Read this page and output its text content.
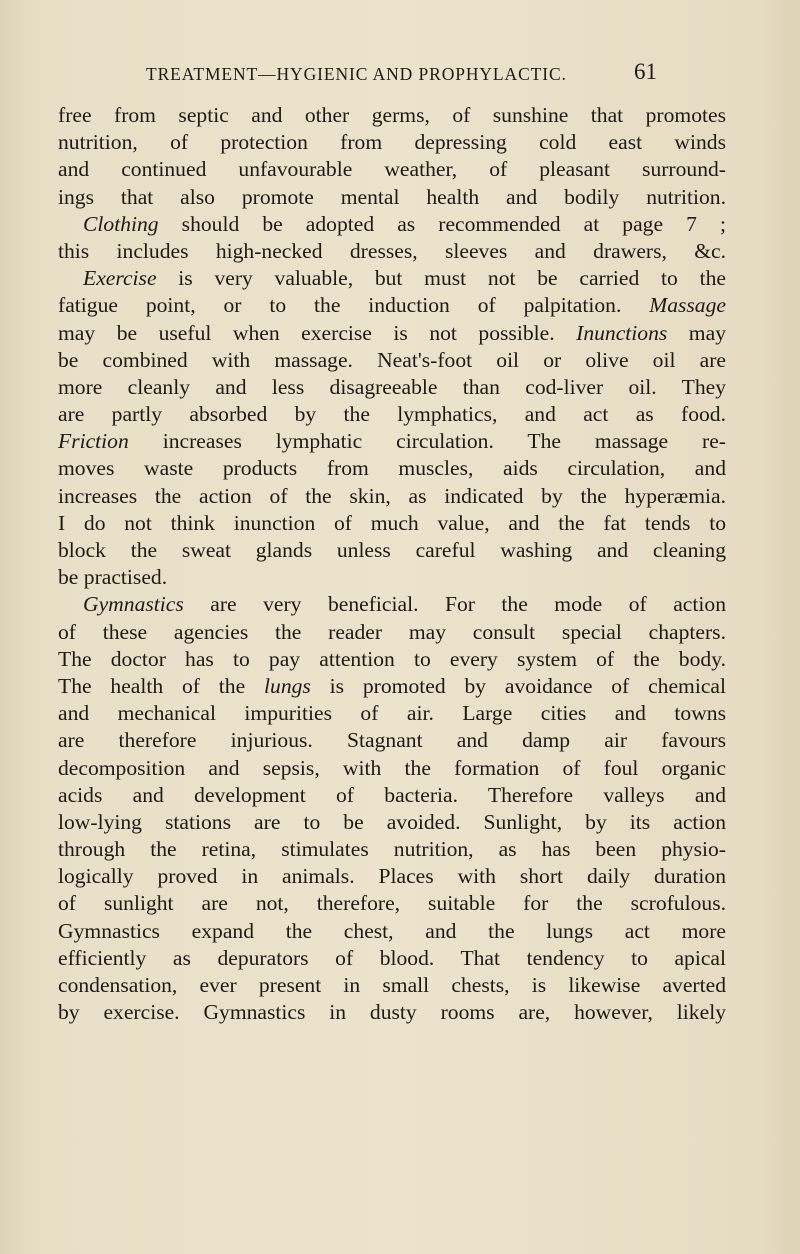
TREATMENT—HYGIENIC AND PROPHYLACTIC.	61
free from septic and other germs, of sunshine that promotes
nutrition, of protection from depressing cold east winds
and continued unfavourable weather, of pleasant surround-
ings that also promote mental health and bodily nutrition.
Clothing should be adopted as recommended at page 7 ;
this includes high-necked dresses, sleeves and drawers, &c.
Exercise is very valuable, but must not be carried to the
fatigue point, or to the induction of palpitation. Massage
may be useful when exercise is not possible. Inunctions may
be combined with massage. Neat's-foot oil or olive oil are
more cleanly and less disagreeable than cod-liver oil. They
are partly absorbed by the lymphatics, and act as food.
Friction increases lymphatic circulation. The massage re-
moves waste products from muscles, aids circulation, and
increases the action of the skin, as indicated by the hyperæmia.
I do not think inunction of much value, and the fat tends to
block the sweat glands unless careful washing and cleaning
be practised.
Gymnastics are very beneficial. For the mode of action
of these agencies the reader may consult special chapters.
The doctor has to pay attention to every system of the body.
The health of the lungs is promoted by avoidance of chemical
and mechanical impurities of air. Large cities and towns
are therefore injurious. Stagnant and damp air favours
decomposition and sepsis, with the formation of foul organic
acids and development of bacteria. Therefore valleys and
low-lying stations are to be avoided. Sunlight, by its action
through the retina, stimulates nutrition, as has been physio-
logically proved in animals. Places with short daily duration
of sunlight are not, therefore, suitable for the scrofulous.
Gymnastics expand the chest, and the lungs act more
efficiently as depurators of blood. That tendency to apical
condensation, ever present in small chests, is likewise averted
by exercise. Gymnastics in dusty rooms are, however, likely
